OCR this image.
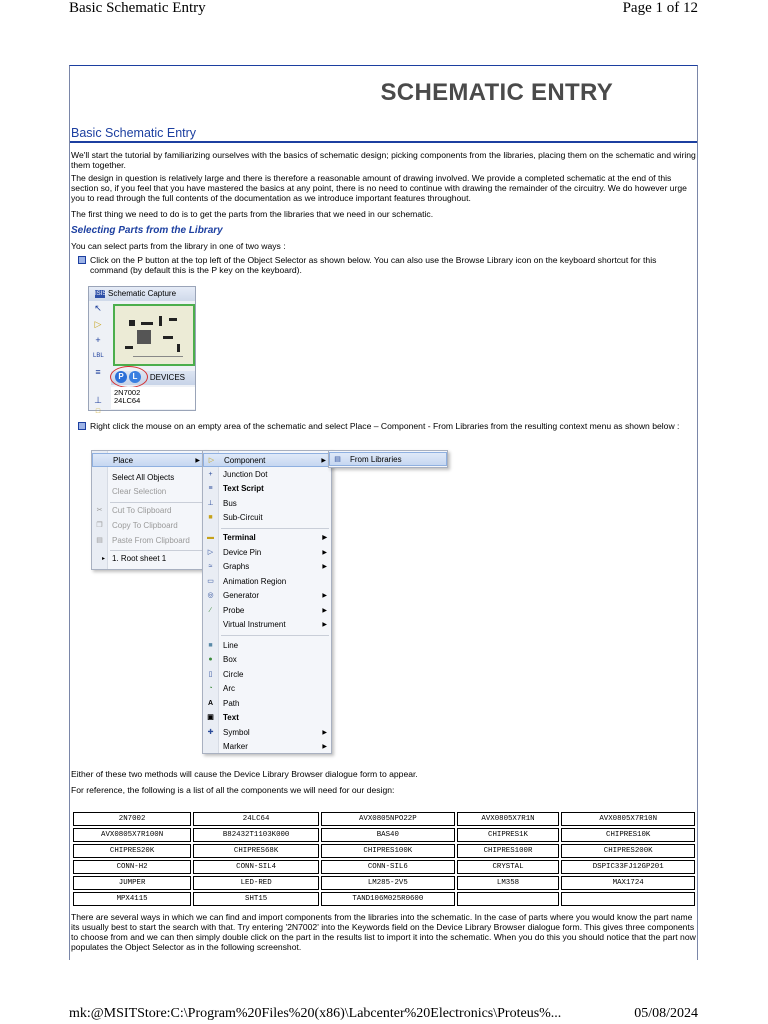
Basic Schematic Entry	Page 1 of 12
SCHEMATIC ENTRY
Basic Schematic Entry
We'll start the tutorial by familiarizing ourselves with the basics of schematic design; picking components from the libraries, placing them on the schematic and wiring them together.
The design in question is relatively large and there is therefore a reasonable amount of drawing involved. We provide a completed schematic at the end of this section so, if you feel that you have mastered the basics at any point, there is no need to continue with drawing the remainder of the circuitry. We do however urge you to read through the full contents of the documentation as we introduce important features throughout.
The first thing we need to do is to get the parts from the libraries that we need in our schematic.
Selecting Parts from the Library
You can select parts from the library in one of two ways :
Click on the P button at the top left of the Object Selector as shown below. You can also use the Browse Library icon on the keyboard shortcut for this command (by default this is the P key on the keyboard).
ISIS Schematic Capture
↖
▷
+
LBL
≡
⊥
□
DEVICES
P	L
2N7002
24LC64
Right click the mouse on an empty area of the schematic and select Place – Component - From Libraries from the resulting context menu as shown below :
Place	▶
Select All Objects
Clear Selection
✂ Cut To Clipboard
❐ Copy To Clipboard
▤ Paste From Clipboard
▸ 1. Root sheet 1
▷ Component	▶
+	Junction Dot
≡	Text Script
⊥ Bus
■ Sub-Circuit
▬ Terminal	▶
▷ Device Pin	▶
≈	Graphs	▶
▭ Animation Region
◎ Generator	▶
∕	Probe	▶
Virtual Instrument	▶
■ Line
● Box
▯	Circle
◔ Arc
A Path
▣ Text
✚ Symbol	▶
Marker	▶
▤ From Libraries
Either of these two methods will cause the Device Library Browser dialogue form to appear.
For reference, the following is a list of all the components we will need for our design:
2N7002	24LC64	AVX0805NPO22P	AVX0805X7R1N	AVX0805X7R10N
AVX0805X7R100N	B82432T1103K000	BAS40	CHIPRES1K	CHIPRES10K
CHIPRES20K	CHIPRES68K	CHIPRES100K	CHIPRES100R	CHIPRES200K
CONN-H2	CONN-SIL4	CONN-SIL6	CRYSTAL	DSPIC33FJ12GP201
JUMPER	LED-RED	LM285-2V5	LM358	MAX1724
MPX4115	SHT15	TAND106M025R0600		
There are several ways in which we can find and import components from the libraries into the schematic. In the case of parts where you would know the part name its usually best to start the search with that. Try entering '2N7002' into the Keywords field on the Device Library Browser dialogue form. This gives three components to choose from and we can then simply double click on the part in the results list to import it into the schematic. When you do this you should notice that the part now populates the Object Selector as in the following screenshot.
mk:@MSITStore:C:\Program%20Files%20(x86)\Labcenter%20Electronics\Proteus%...	05/08/2024
